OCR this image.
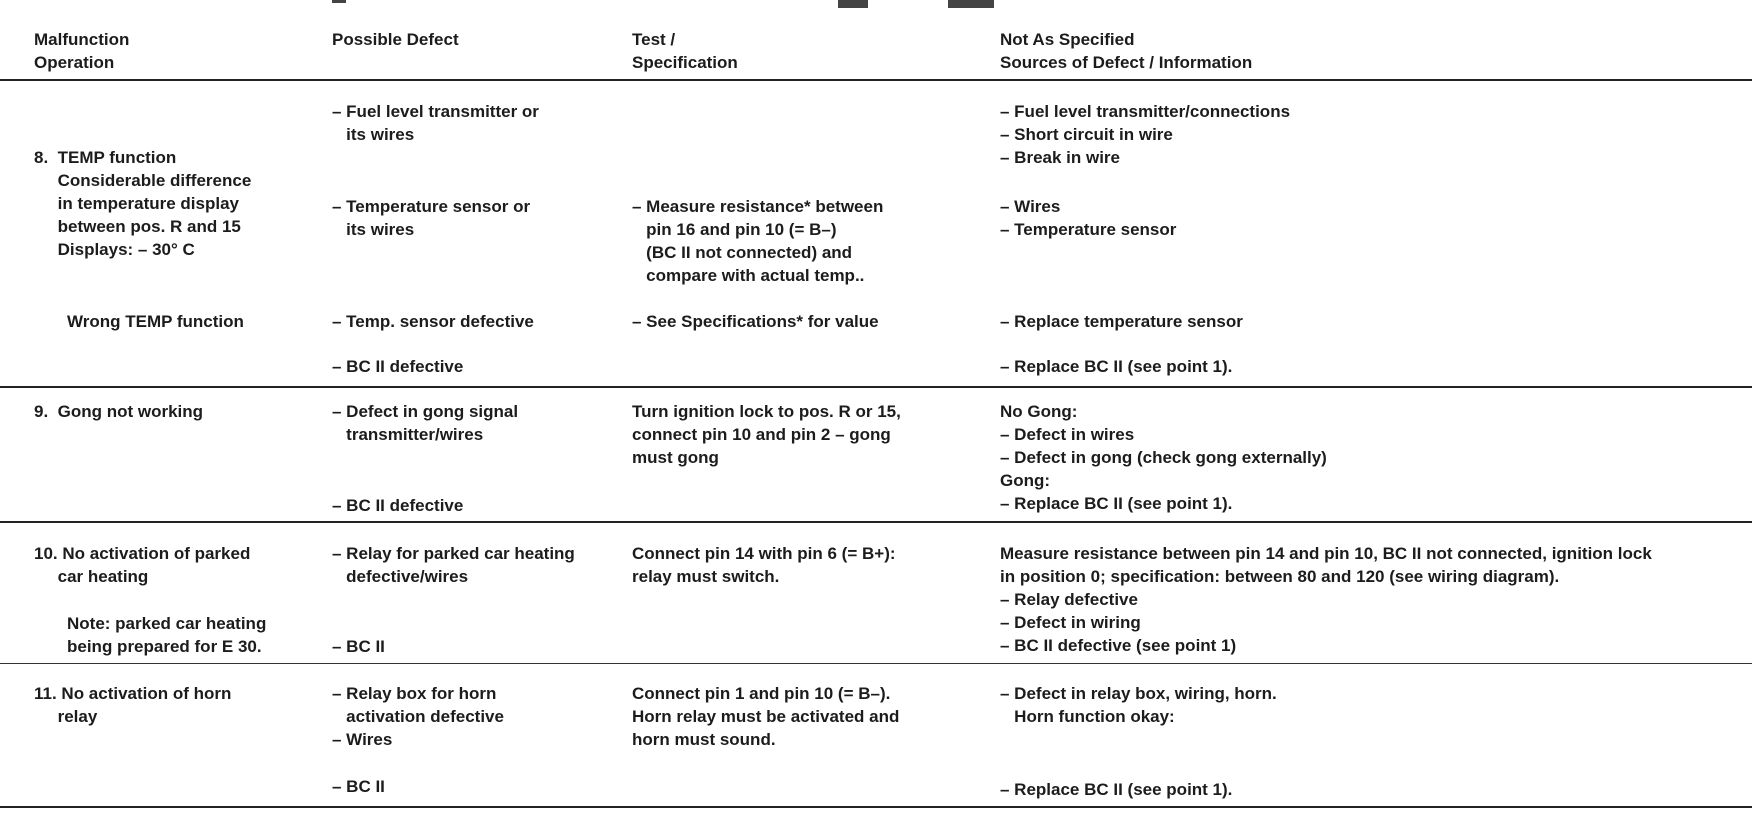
Malfunction
Operation
Possible Defect	Test /
Specification
Not As Specified
Sources of Defect / Information

8.  TEMP function
Considerable difference
in temperature display
between pos. R and 15
Displays: – 30° C

Wrong TEMP function
– Fuel level transmitter or
its wires
– Temperature sensor or
its wires
– Temp. sensor defective
– BC II defective
– Measure resistance* between
pin 16 and pin 10 (= B–)
(BC II not connected) and
compare with actual temp..
– See Specifications* for value
– Fuel level transmitter/connections
– Short circuit in wire
– Break in wire
– Wires
– Temperature sensor
– Replace temperature sensor
– Replace BC II (see point 1).
9.  Gong not working	– Defect in gong signal
transmitter/wires
– BC II defective
Turn ignition lock to pos. R or 15,
connect pin 10 and pin 2 – gong
must gong
No Gong:
– Defect in wires
– Defect in gong (check gong externally)
Gong:
– Replace BC II (see point 1).
10. No activation of parked
car heating
Note: parked car heating
being prepared for E 30.
– Relay for parked car heating
defective/wires
– BC II
Connect pin 14 with pin 6 (= B+):
relay must switch.
Measure resistance between pin 14 and pin 10, BC II not connected, ignition lock
in position 0; specification: between 80 and 120 (see wiring diagram).
– Relay defective
– Defect in wiring
– BC II defective (see point 1)
11. No activation of horn
relay
– Relay box for horn
activation defective
– Wires
– BC II
Connect pin 1 and pin 10 (= B–).
Horn relay must be activated and
horn must sound.
– Defect in relay box, wiring, horn.
Horn function okay:
– Replace BC II (see point 1).
